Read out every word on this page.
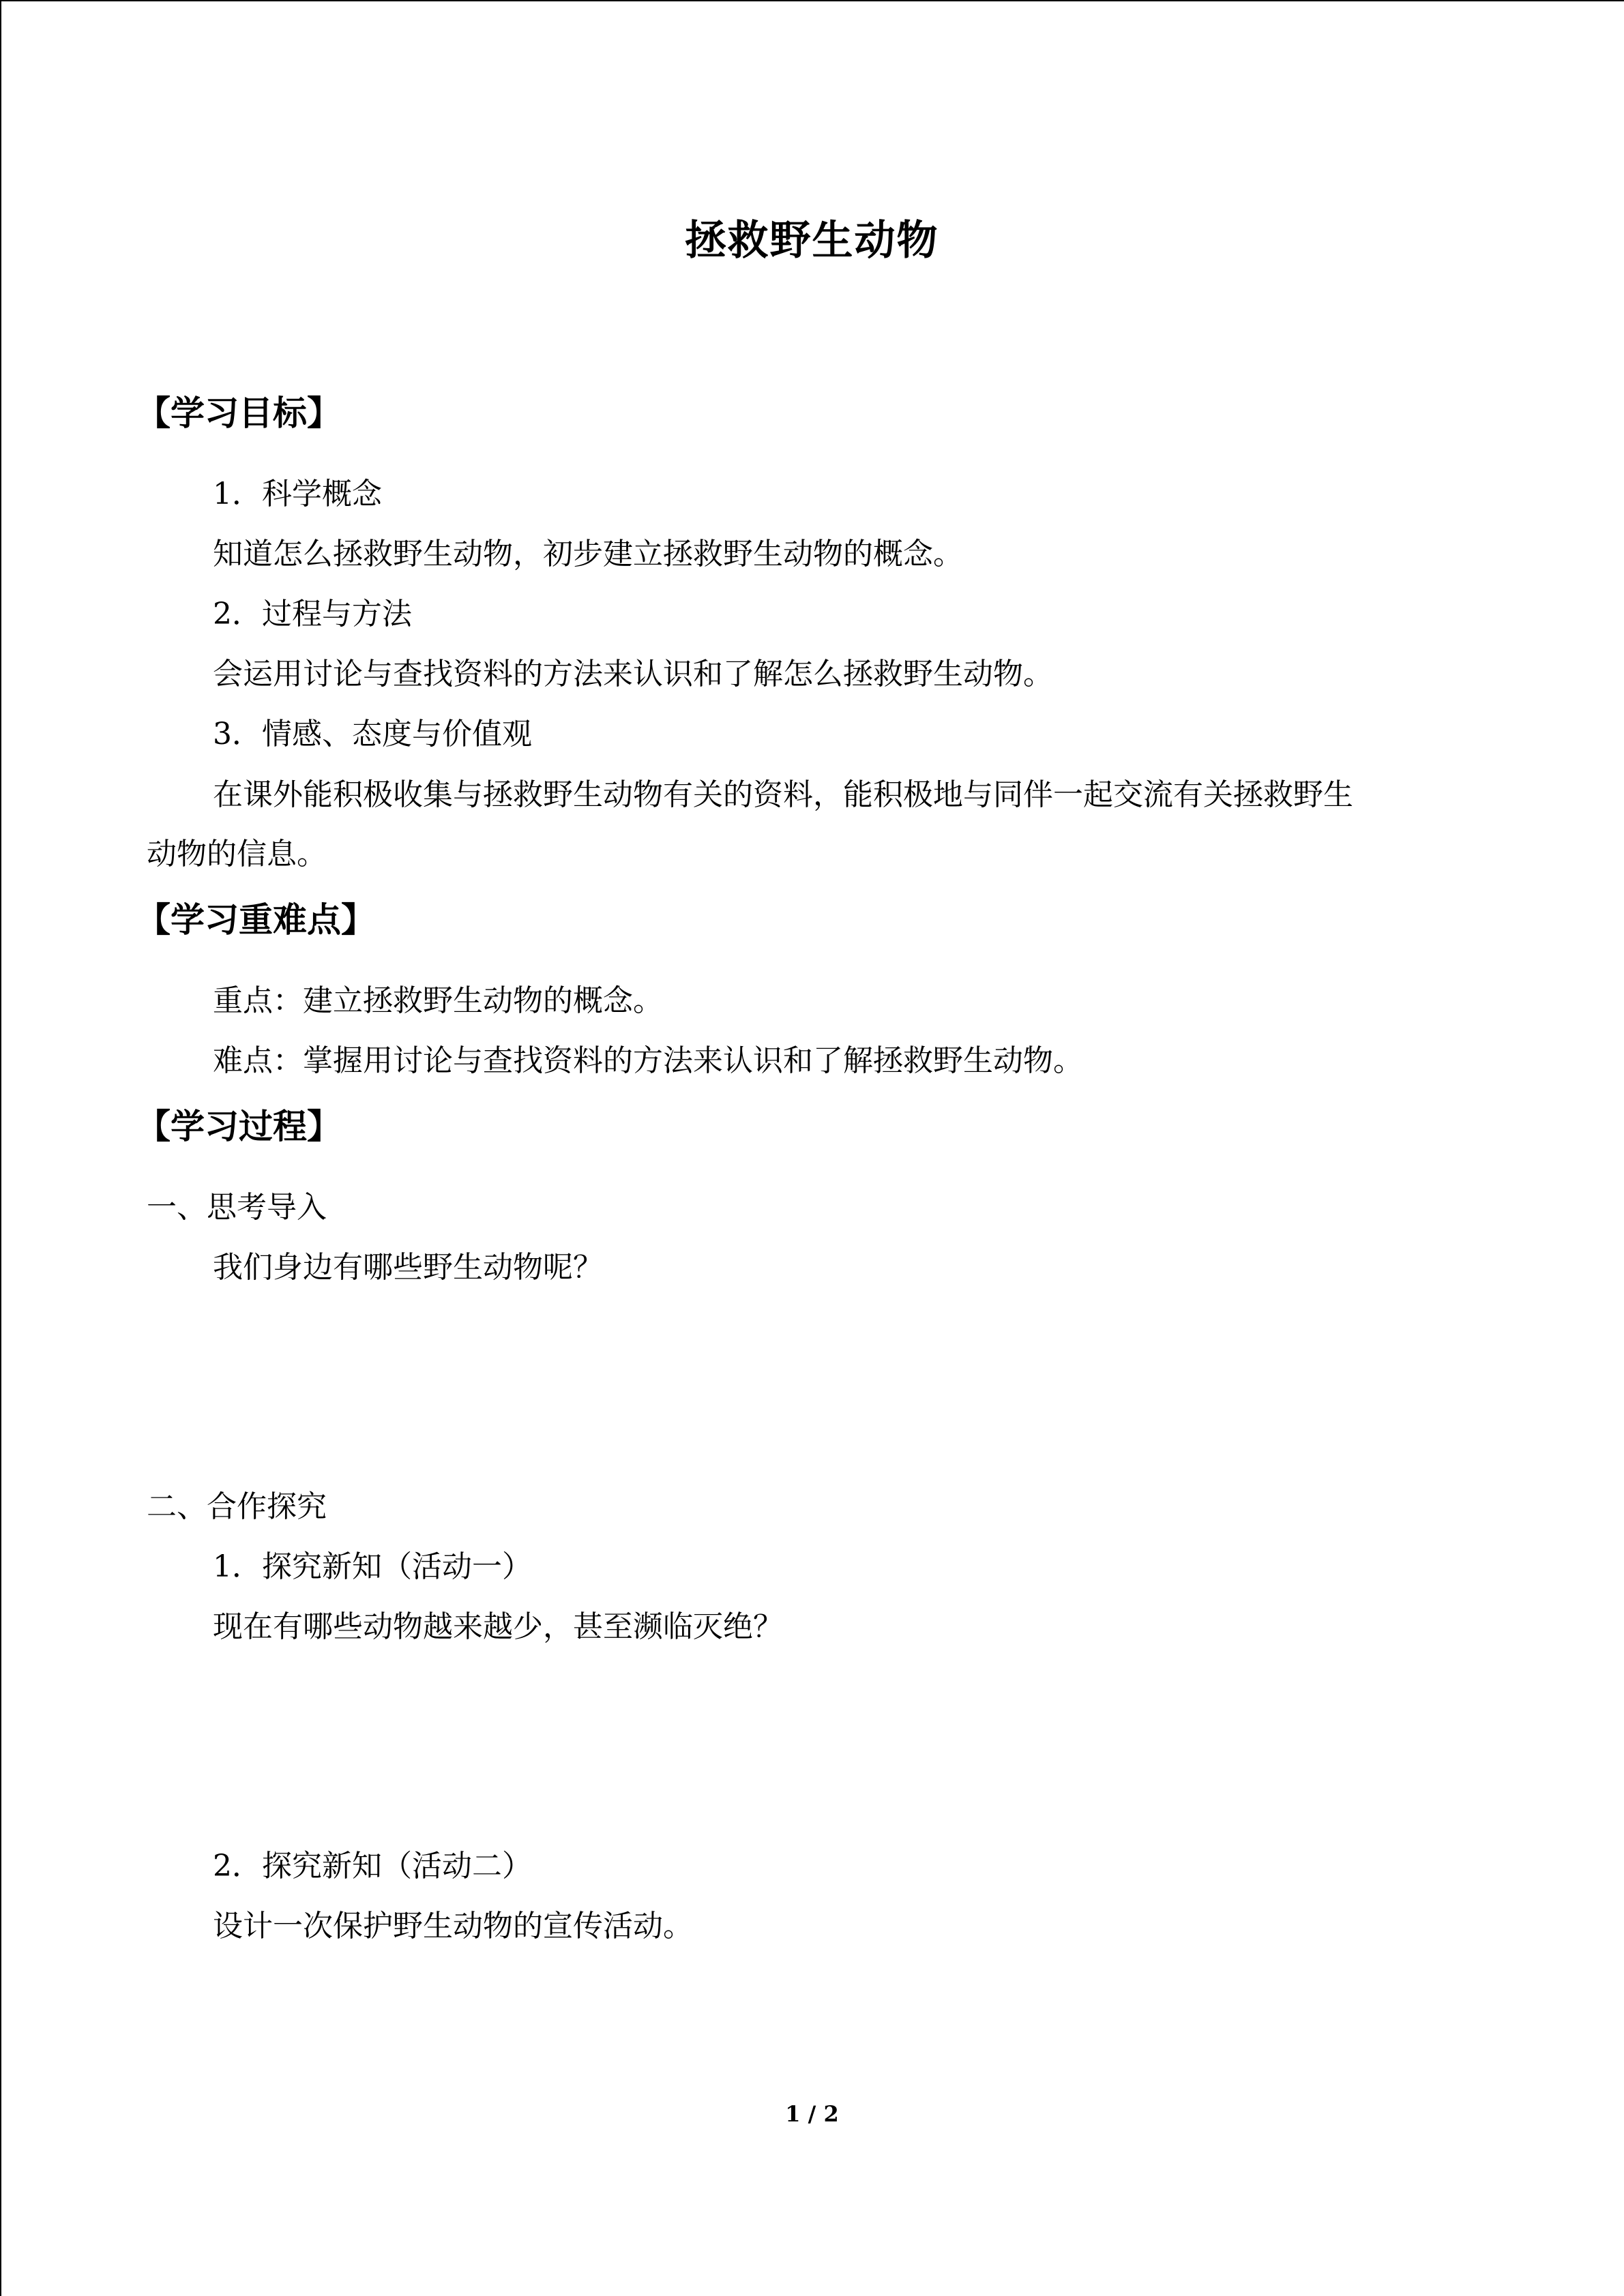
拯救野生动物
【学习目标】
1．科学概念
知道怎么拯救野生动物，初步建立拯救野生动物的概念。
2．过程与方法
会运用讨论与查找资料的方法来认识和了解怎么拯救野生动物。
3．情感、态度与价值观
在课外能积极收集与拯救野生动物有关的资料，能积极地与同伴一起交流有关拯救野生
动物的信息。
【学习重难点】
重点：建立拯救野生动物的概念。
难点：掌握用讨论与查找资料的方法来认识和了解拯救野生动物。
【学习过程】
一、思考导入
我们身边有哪些野生动物呢？
二、合作探究
1．探究新知（活动一）
现在有哪些动物越来越少，甚至濒临灭绝？
2．探究新知（活动二）
设计一次保护野生动物的宣传活动。
1 / 2
